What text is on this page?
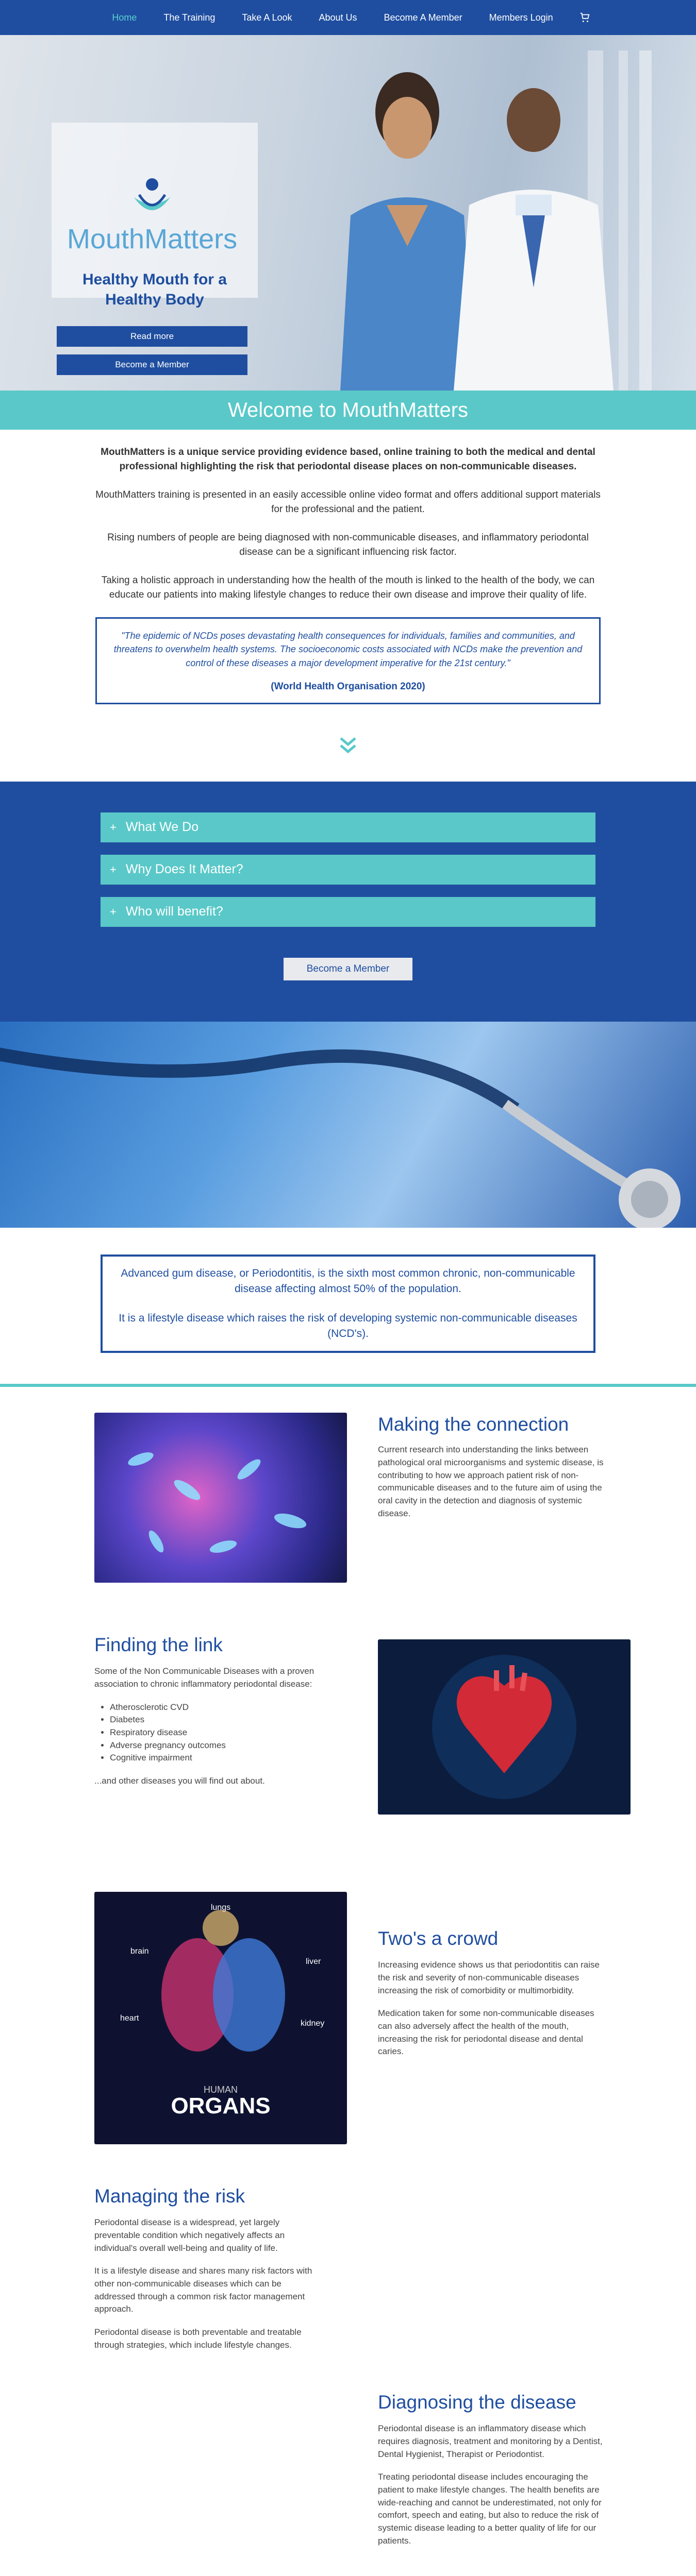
Home	The Training	Take A Look	About Us	Become A Member	Members Login
MouthMatters
Healthy Mouth for a Healthy Body
Read more
Become a Member
Welcome to MouthMatters

MouthMatters is a unique service providing evidence based, online training to both the medical and dental professional highlighting the risk that periodontal disease places on non-communicable diseases.

MouthMatters training is presented in an easily accessible online video format and offers additional support materials for the professional and the patient.

Rising numbers of people are being diagnosed with non-communicable diseases, and inflammatory periodontal disease can be a significant influencing risk factor.

Taking a holistic approach in understanding how the health of the mouth is linked to the health of the body, we can educate our patients into making lifestyle changes to reduce their own disease and improve their quality of life.

"The epidemic of NCDs poses devastating health consequences for individuals, families and communities, and threatens to overwhelm health systems. The socioeconomic costs associated with NCDs make the prevention and control of these diseases a major development imperative for the 21st century."
(World Health Organisation 2020)
+ What We Do
+ Why Does It Matter?
+ Who will benefit?
Become a Member

Advanced gum disease, or Periodontitis, is the sixth most common chronic, non-communicable disease affecting almost 50% of the population.

It is a lifestyle disease which raises the risk of developing systemic non-communicable diseases (NCD's).

Making the connection

Current research into understanding the links between pathological oral microorganisms and systemic disease, is contributing to how we approach patient risk of non-communicable diseases and to the future aim of using the oral cavity in the detection and diagnosis of systemic disease.

Finding the link

Some of the Non Communicable Diseases with a proven association to chronic inflammatory periodontal disease:

• Atherosclerotic CVD
• Diabetes
• Respiratory disease
• Adverse pregnancy outcomes
• Cognitive impairment

...and other diseases you will find out about.

lungs
brain
liver
heart
kidney
HUMAN
ORGANS
Two's a crowd

Increasing evidence shows us that periodontitis can raise the risk and severity of non-communicable diseases increasing the risk of comorbidity or multimorbidity.

Medication taken for some non-communicable diseases can also adversely affect the health of the mouth, increasing the risk for periodontal disease and dental caries.

Managing the risk

Periodontal disease is a widespread, yet largely preventable condition which negatively affects an individual's overall well-being and quality of life.

It is a lifestyle disease and shares many risk factors with other non-communicable diseases which can be addressed through a common risk factor management approach.

Periodontal disease is both preventable and treatable through strategies, which include lifestyle changes.

Diagnosing the disease

Periodontal disease is an inflammatory disease which requires diagnosis, treatment and monitoring by a Dentist, Dental Hygienist, Therapist or Periodontist.

Treating periodontal disease includes encouraging the patient to make lifestyle changes. The health benefits are wide-reaching and cannot be underestimated, not only for comfort, speech and eating, but also to reduce the risk of systemic disease leading to a better quality of life for our patients.
